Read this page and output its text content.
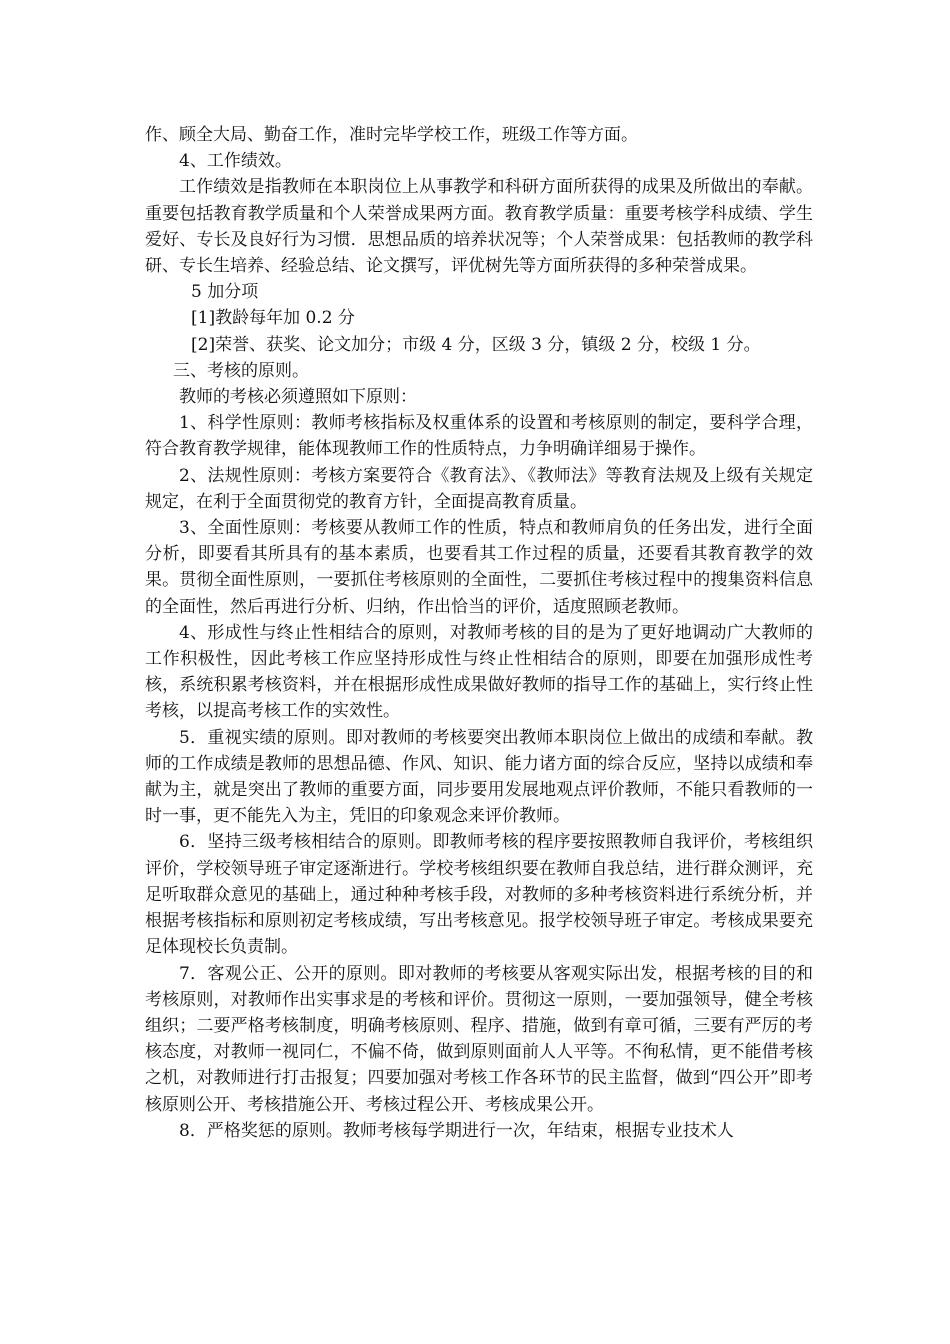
作、顾全大局、勤奋工作，准时完毕学校工作，班级工作等方面。

4、工作绩效。

工作绩效是指教师在本职岗位上从事教学和科研方面所获得的成果及所做出的奉献。重要包括教育教学质量和个人荣誉成果两方面。教育教学质量：重要考核学科成绩、学生爱好、专长及良好行为习惯．思想品质的培养状况等；个人荣誉成果：包括教师的教学科研、专长生培养、经验总结、论文撰写，评优树先等方面所获得的多种荣誉成果。

5 加分项

[1]教龄每年加 0.2 分

[2]荣誉、获奖、论文加分；市级 4 分，区级 3 分，镇级 2 分，校级 1 分。

三、考核的原则。

教师的考核必须遵照如下原则：

1、科学性原则：教师考核指标及权重体系的设置和考核原则的制定，要科学合理，符合教育教学规律，能体现教师工作的性质特点，力争明确详细易于操作。

2、法规性原则：考核方案要符合《教育法》、《教师法》等教育法规及上级有关规定规定，在利于全面贯彻党的教育方针，全面提高教育质量。

3、全面性原则：考核要从教师工作的性质，特点和教师肩负的任务出发，进行全面分析，即要看其所具有的基本素质，也要看其工作过程的质量，还要看其教育教学的效果。贯彻全面性原则，一要抓住考核原则的全面性，二要抓住考核过程中的搜集资料信息的全面性，然后再进行分析、归纳，作出恰当的评价，适度照顾老教师。

4、形成性与终止性相结合的原则，对教师考核的目的是为了更好地调动广大教师的工作积极性，因此考核工作应坚持形成性与终止性相结合的原则，即要在加强形成性考核，系统积累考核资料，并在根据形成性成果做好教师的指导工作的基础上，实行终止性考核，以提高考核工作的实效性。

5．重视实绩的原则。即对教师的考核要突出教师本职岗位上做出的成绩和奉献。教师的工作成绩是教师的思想品德、作风、知识、能力诸方面的综合反应，坚持以成绩和奉献为主，就是突出了教师的重要方面，同步要用发展地观点评价教师，不能只看教师的一时一事，更不能先入为主，凭旧的印象观念来评价教师。

6．坚持三级考核相结合的原则。即教师考核的程序要按照教师自我评价，考核组织评价，学校领导班子审定逐渐进行。学校考核组织要在教师自我总结，进行群众测评，充足听取群众意见的基础上，通过种种考核手段，对教师的多种考核资料进行系统分析，并根据考核指标和原则初定考核成绩，写出考核意见。报学校领导班子审定。考核成果要充足体现校长负责制。

7．客观公正、公开的原则。即对教师的考核要从客观实际出发，根据考核的目的和考核原则，对教师作出实事求是的考核和评价。贯彻这一原则，一要加强领导，健全考核组织；二要严格考核制度，明确考核原则、程序、措施，做到有章可循，三要有严厉的考核态度，对教师一视同仁，不偏不倚，做到原则面前人人平等。不徇私情，更不能借考核之机，对教师进行打击报复；四要加强对考核工作各环节的民主监督，做到“四公开”即考核原则公开、考核措施公开、考核过程公开、考核成果公开。

8．严格奖惩的原则。教师考核每学期进行一次，年结束，根据专业技术人
